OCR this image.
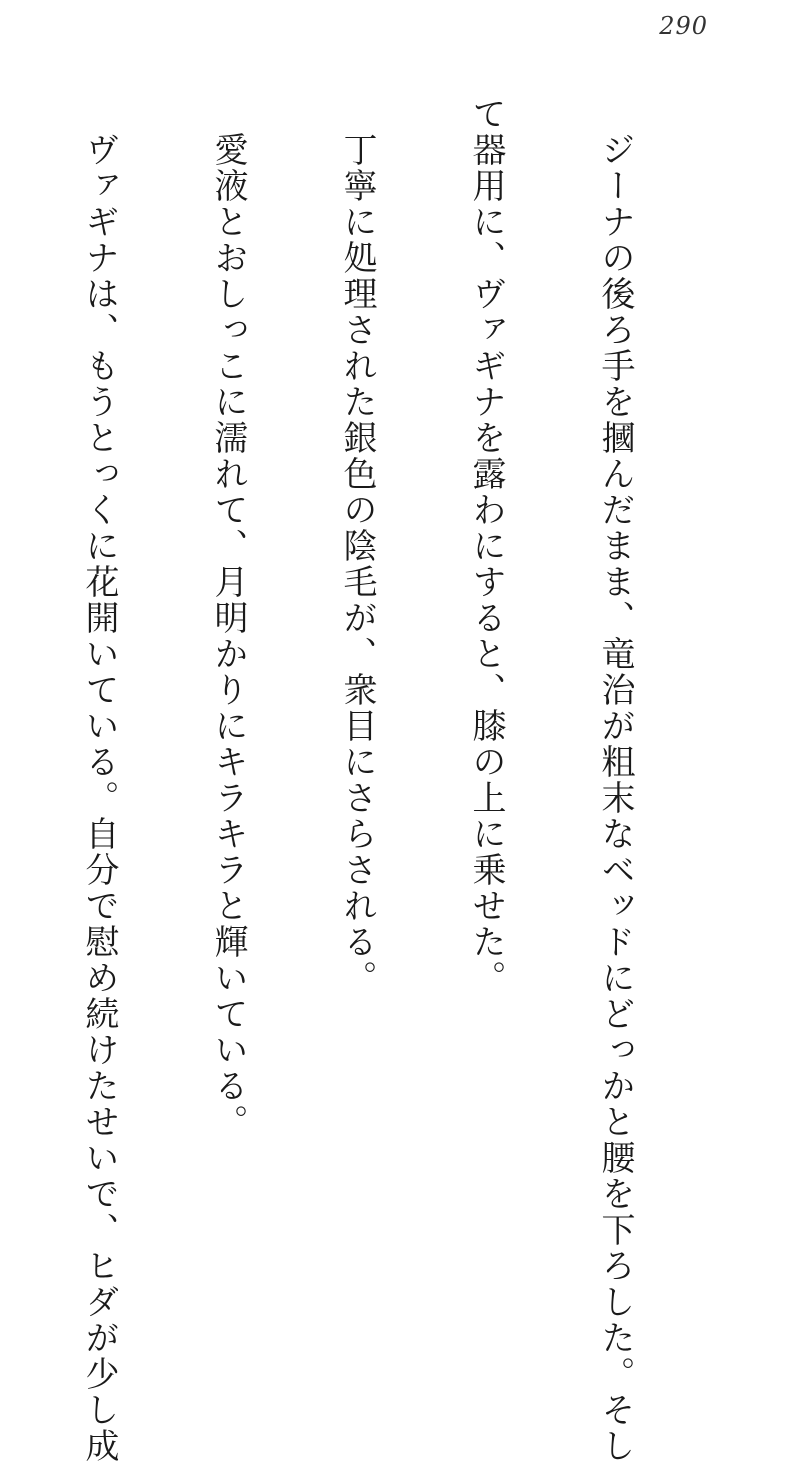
290

　ジーナの後ろ手を摑んだまま、竜治が粗末なベッドにどっかと腰を下ろした。そし

て器用に、ヴァギナを露わにすると、膝の上に乗せた。

　丁寧に処理された銀色の陰毛が、衆目にさらされる。

　愛液とおしっこに濡れて、月明かりにキラキラと輝いている。

　ヴァギナは、もうとっくに花開いている。自分で慰め続けたせいで、ヒダが少し成
